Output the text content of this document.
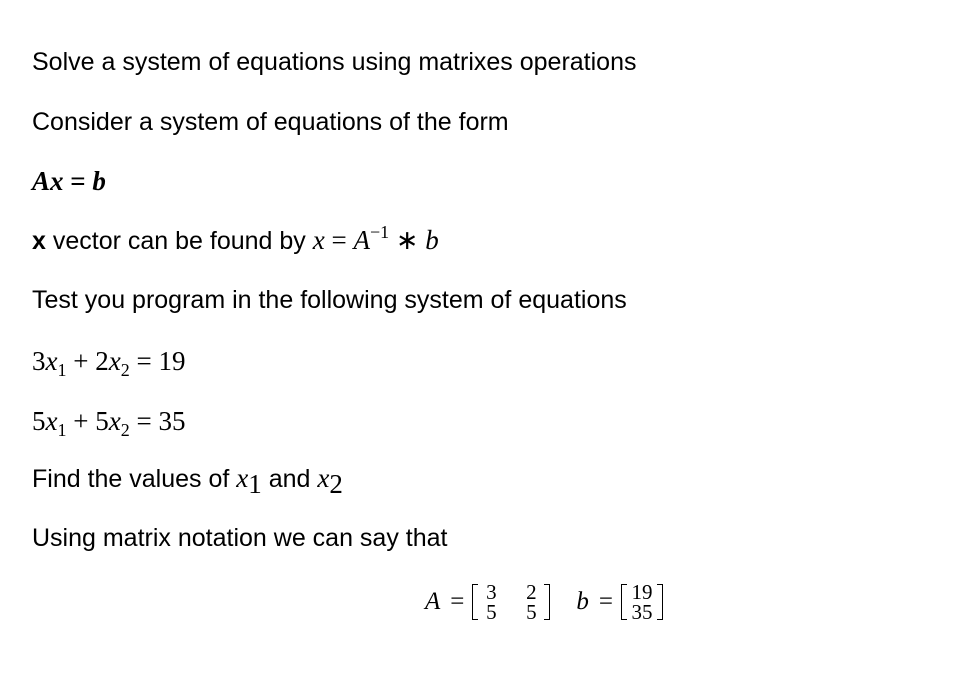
Solve a system of equations using matrixes operations
Consider a system of equations of the form
Ax = b
x vector can be found by $x = A^{-1}$ ∗ b
Test you program in the following system of equations
$3x_1 + 2x_2 = 19$
$5x_1 + 5x_2 = 35$
Find the values of $x_1$ and $x_2$
Using matrix notation we can say that
A = 3 2
5 5 b = 19
35
